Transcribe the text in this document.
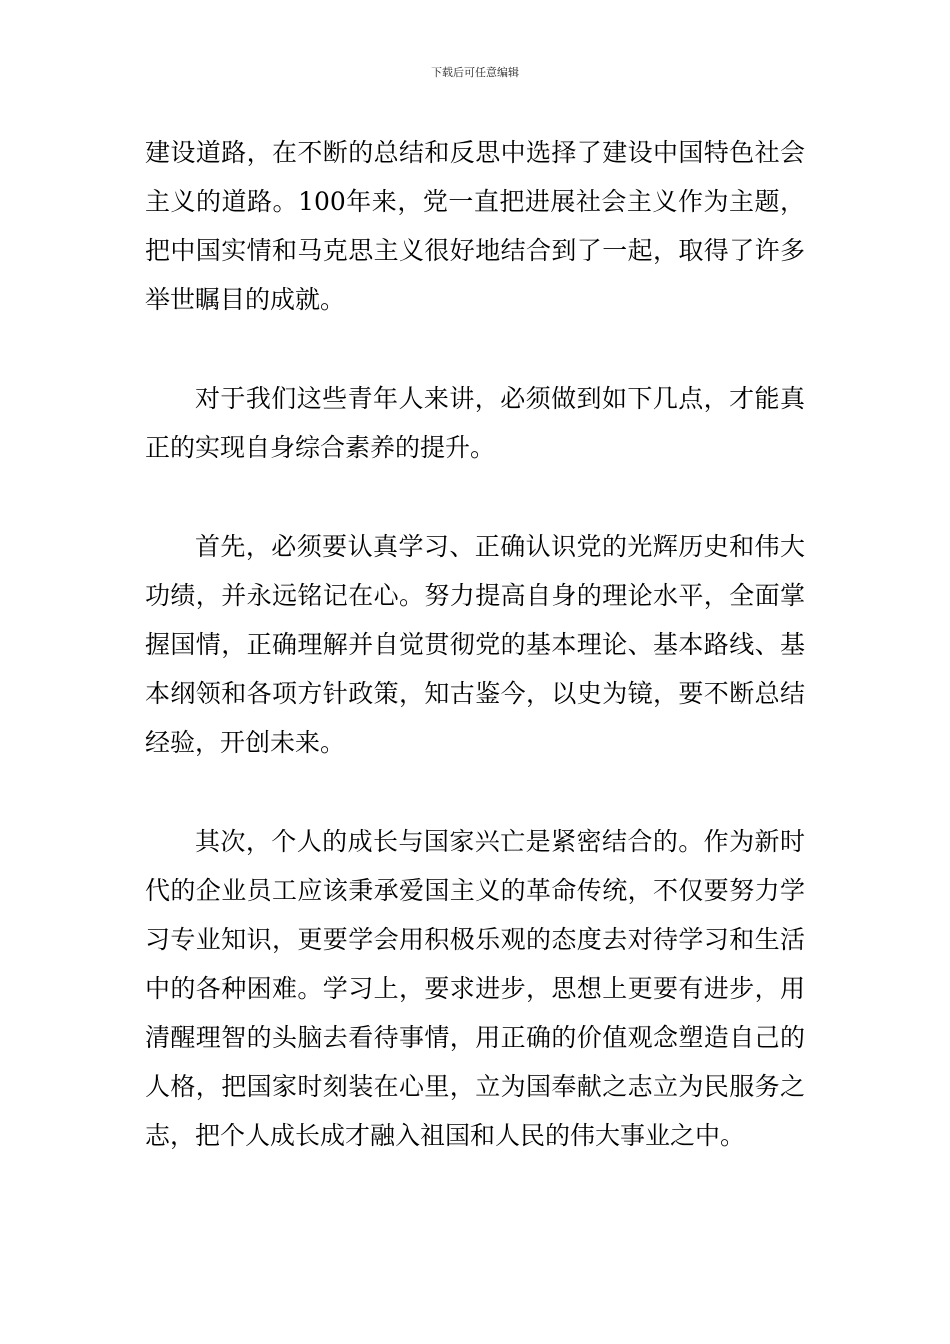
下载后可任意编辑

建设道路，在不断的总结和反思中选择了建设中国特色社会主义的道路。100年来，党一直把进展社会主义作为主题，把中国实情和马克思主义很好地结合到了一起，取得了许多举世瞩目的成就。

对于我们这些青年人来讲，必须做到如下几点，才能真正的实现自身综合素养的提升。

首先，必须要认真学习、正确认识党的光辉历史和伟大功绩，并永远铭记在心。努力提高自身的理论水平，全面掌握国情，正确理解并自觉贯彻党的基本理论、基本路线、基本纲领和各项方针政策，知古鉴今，以史为镜，要不断总结经验，开创未来。

其次，个人的成长与国家兴亡是紧密结合的。作为新时代的企业员工应该秉承爱国主义的革命传统，不仅要努力学习专业知识，更要学会用积极乐观的态度去对待学习和生活中的各种困难。学习上，要求进步，思想上更要有进步，用清醒理智的头脑去看待事情，用正确的价值观念塑造自己的人格，把国家时刻装在心里，立为国奉献之志立为民服务之志，把个人成长成才融入祖国和人民的伟大事业之中。
